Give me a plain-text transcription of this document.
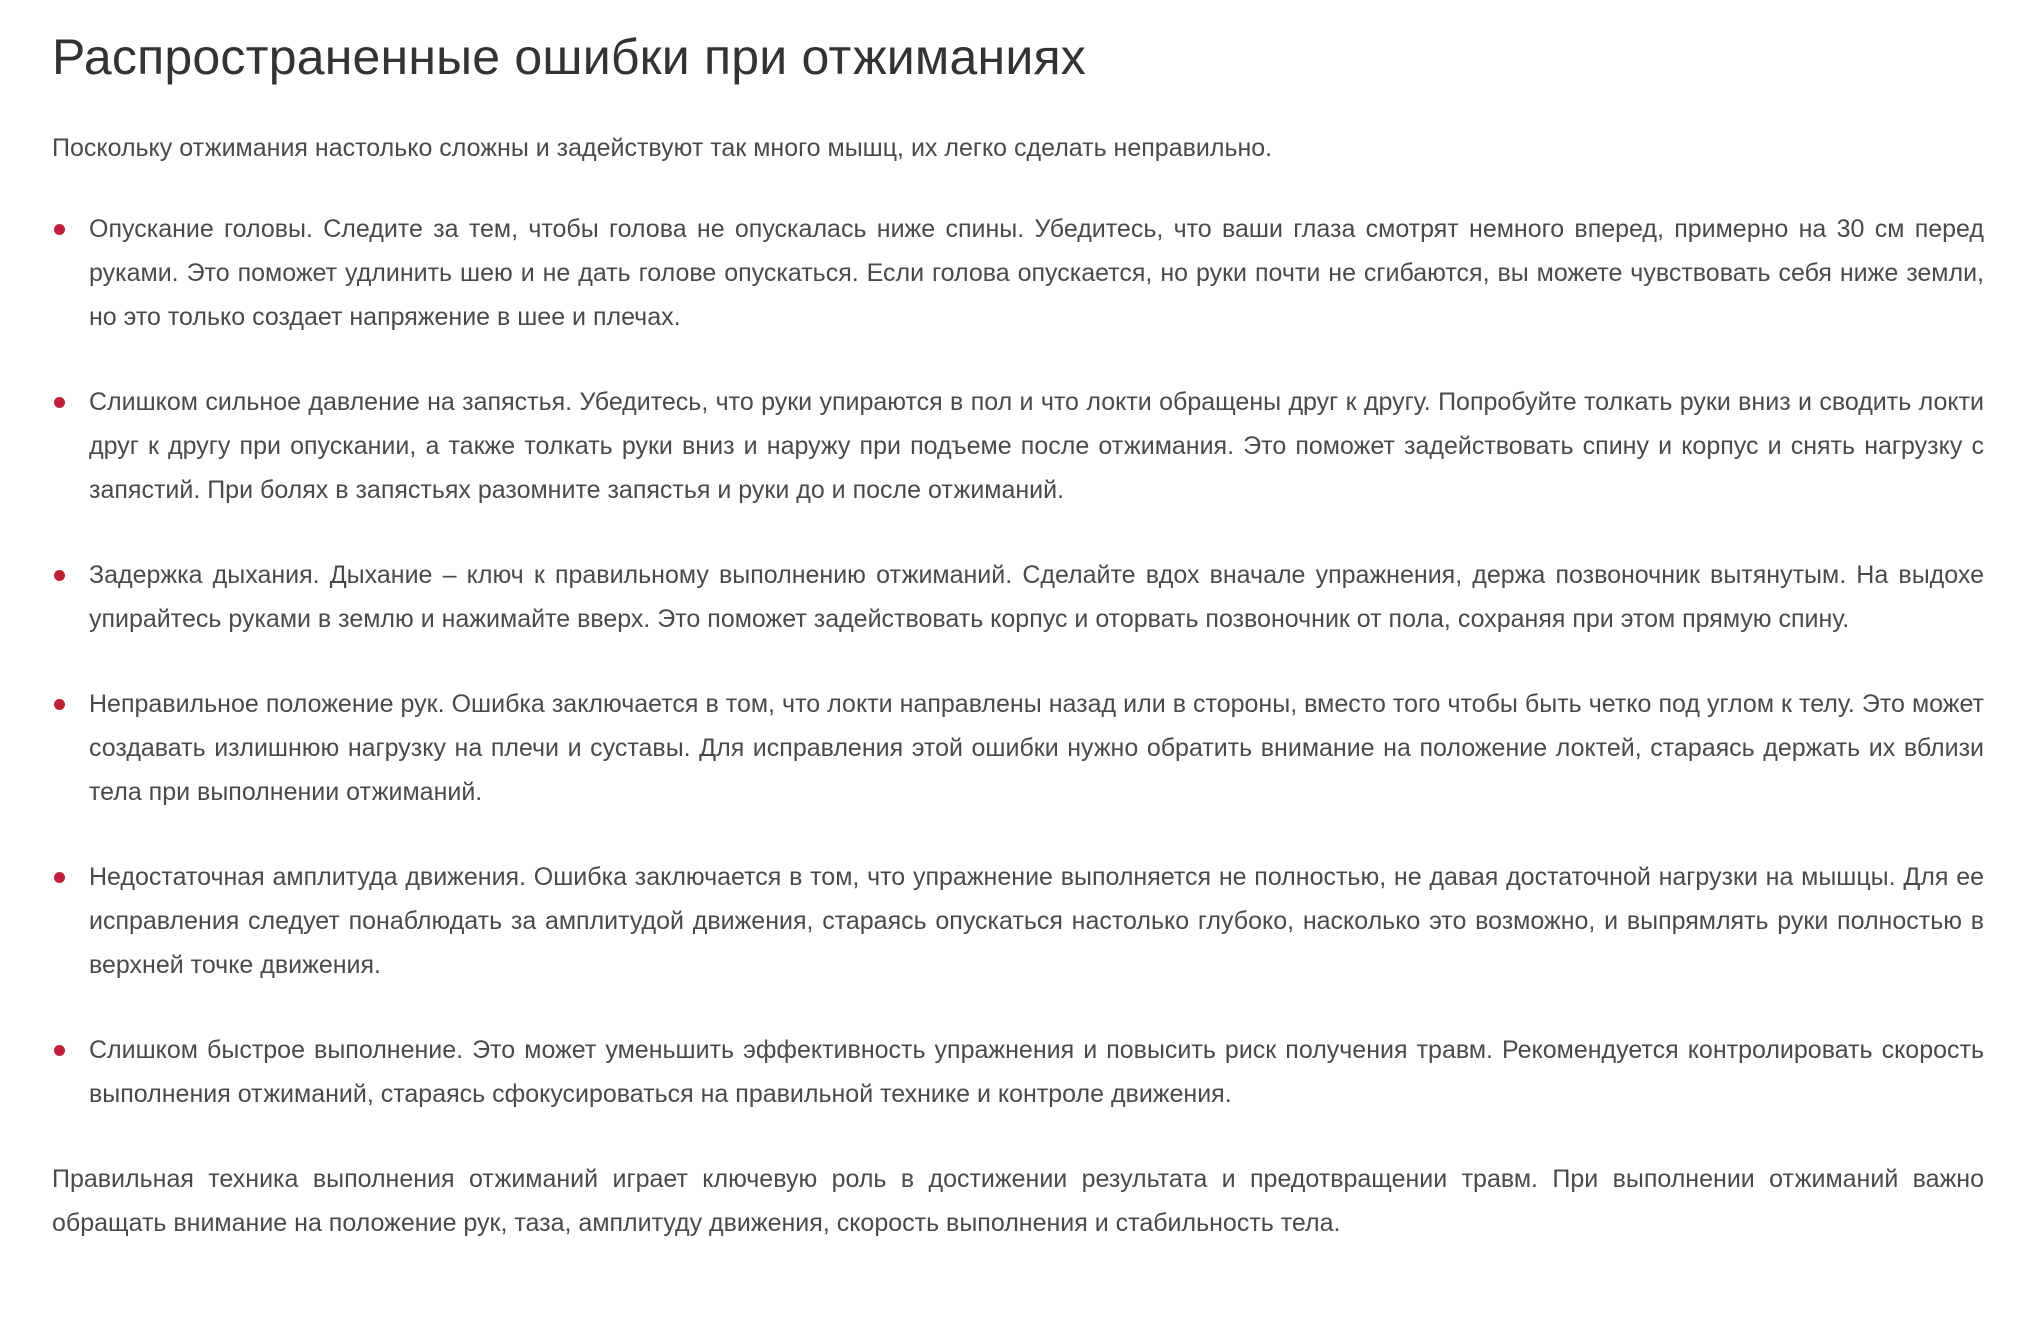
Распространенные ошибки при отжиманиях

Поскольку отжимания настолько сложны и задействуют так много мышц, их легко сделать неправильно.

Опускание головы. Следите за тем, чтобы голова не опускалась ниже спины. Убедитесь, что ваши глаза смотрят немного вперед, примерно на 30 см перед руками. Это поможет удлинить шею и не дать голове опускаться. Если голова опускается, но руки почти не сгибаются, вы можете чувствовать себя ниже земли, но это только создает напряжение в шее и плечах.
Слишком сильное давление на запястья. Убедитесь, что руки упираются в пол и что локти обращены друг к другу. Попробуйте толкать руки вниз и сводить локти друг к другу при опускании, а также толкать руки вниз и наружу при подъеме после отжимания. Это поможет задействовать спину и корпус и снять нагрузку с запястий. При болях в запястьях разомните запястья и руки до и после отжиманий.
Задержка дыхания. Дыхание – ключ к правильному выполнению отжиманий. Сделайте вдох вначале упражнения, держа позвоночник вытянутым. На выдохе упирайтесь руками в землю и нажимайте вверх. Это поможет задействовать корпус и оторвать позвоночник от пола, сохраняя при этом прямую спину.
Неправильное положение рук. Ошибка заключается в том, что локти направлены назад или в стороны, вместо того чтобы быть четко под углом к телу. Это может создавать излишнюю нагрузку на плечи и суставы. Для исправления этой ошибки нужно обратить внимание на положение локтей, стараясь держать их вблизи тела при выполнении отжиманий.
Недостаточная амплитуда движения. Ошибка заключается в том, что упражнение выполняется не полностью, не давая достаточной нагрузки на мышцы. Для ее исправления следует понаблюдать за амплитудой движения, стараясь опускаться настолько глубоко, насколько это возможно, и выпрямлять руки полностью в верхней точке движения.
Слишком быстрое выполнение. Это может уменьшить эффективность упражнения и повысить риск получения травм. Рекомендуется контролировать скорость выполнения отжиманий, стараясь сфокусироваться на правильной технике и контроле движения.

Правильная техника выполнения отжиманий играет ключевую роль в достижении результата и предотвращении травм. При выполнении отжиманий важно обращать внимание на положение рук, таза, амплитуду движения, скорость выполнения и стабильность тела.
